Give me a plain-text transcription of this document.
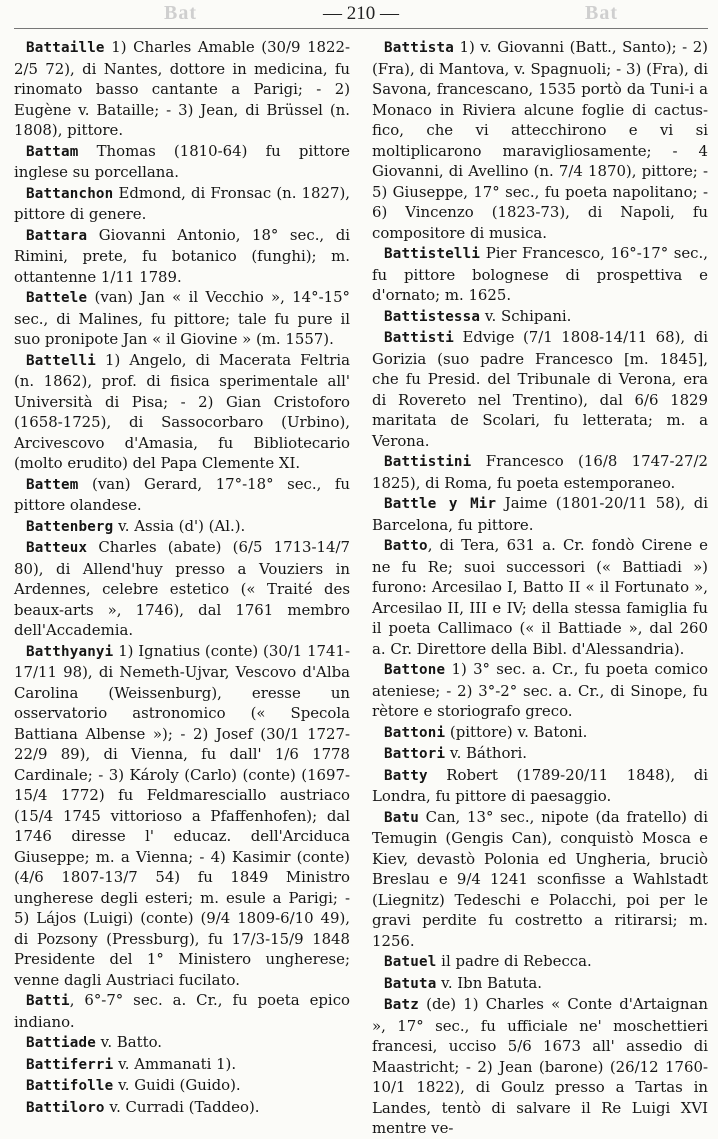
Bat	— 210 —	Bat

Battaille 1) Charles Amable (30/9 1822-2/5 72), di Nantes, dottore in medicina, fu rinomato basso cantante a Parigi; - 2) Eugène v. Bataille; - 3) Jean, di Brüssel (n. 1808), pittore.

Battam Thomas (1810-64) fu pittore inglese su porcellana.

Battanchon Edmond, di Fronsac (n. 1827), pittore di genere.

Battara Giovanni Antonio, 18° sec., di Rimini, prete, fu botanico (funghi); m. ottantenne 1/11 1789.

Battele (van) Jan « il Vecchio », 14°-15° sec., di Malines, fu pittore; tale fu pure il suo pronipote Jan « il Giovine » (m. 1557).

Battelli 1) Angelo, di Macerata Feltria (n. 1862), prof. di fisica sperimentale all' Università di Pisa; - 2) Gian Cristoforo (1658-1725), di Sassocorbaro (Urbino), Arcivescovo d'Amasia, fu Bibliotecario (molto erudito) del Papa Clemente XI.

Battem (van) Gerard, 17°-18° sec., fu pittore olandese.

Battenberg v. Assia (d') (Al.).

Batteux Charles (abate) (6/5 1713-14/7 80), di Allend'huy presso a Vouziers in Ardennes, celebre estetico (« Traité des beaux-arts », 1746), dal 1761 membro dell'Accademia.

Batthyanyi 1) Ignatius (conte) (30/1 1741-17/11 98), di Nemeth-Ujvar, Vescovo d'Alba Carolina (Weissenburg), eresse un osservatorio astronomico (« Specola Battiana Albense »); - 2) Josef (30/1 1727-22/9 89), di Vienna, fu dall' 1/6 1778 Cardinale; - 3) Károly (Carlo) (conte) (1697-15/4 1772) fu Feldmaresciallo austriaco (15/4 1745 vittorioso a Pfaffenhofen); dal 1746 diresse l' educaz. dell'Arciduca Giuseppe; m. a Vienna; - 4) Kasimir (conte) (4/6 1807-13/7 54) fu 1849 Ministro ungherese degli esteri; m. esule a Parigi; - 5) Lájos (Luigi) (conte) (9/4 1809-6/10 49), di Pozsony (Pressburg), fu 17/3-15/9 1848 Presidente del 1° Ministero ungherese; venne dagli Austriaci fucilato.

Batti, 6°-7° sec. a. Cr., fu poeta epico indiano.

Battiade v. Batto.

Battiferri v. Ammanati 1).

Battifolle v. Guidi (Guido).

Battiloro v. Curradi (Taddeo).

Battista 1) v. Giovanni (Batt., Santo); - 2) (Fra), di Mantova, v. Spagnuoli; - 3) (Fra), di Savona, francescano, 1535 portò da Tuni-i a Monaco in Riviera alcune foglie di cactus-fico, che vi attecchirono e vi si moltiplicarono maravigliosamente; - 4 Giovanni, di Avellino (n. 7/4 1870), pittore; - 5) Giuseppe, 17° sec., fu poeta napolitano; - 6) Vincenzo (1823-73), di Napoli, fu compositore di musica.

Battistelli Pier Francesco, 16°-17° sec., fu pittore bolognese di prospettiva e d'ornato; m. 1625.

Battistessa v. Schipani.

Battisti Edvige (7/1 1808-14/11 68), di Gorizia (suo padre Francesco [m. 1845], che fu Presid. del Tribunale di Verona, era di Rovereto nel Trentino), dal 6/6 1829 maritata de Scolari, fu letterata; m. a Verona.

Battistini Francesco (16/8 1747-27/2 1825), di Roma, fu poeta estemporaneo.

Battle y Mir Jaime (1801-20/11 58), di Barcelona, fu pittore.

Batto, di Tera, 631 a. Cr. fondò Cirene e ne fu Re; suoi successori (« Battiadi ») furono: Arcesilao I, Batto II « il Fortunato », Arcesilao II, III e IV; della stessa famiglia fu il poeta Callimaco (« il Battiade », dal 260 a. Cr. Direttore della Bibl. d'Alessandria).

Battone 1) 3° sec. a. Cr., fu poeta comico ateniese; - 2) 3°-2° sec. a. Cr., di Sinope, fu rètore e storiografo greco.

Battoni (pittore) v. Batoni.

Battori v. Báthori.

Batty Robert (1789-20/11 1848), di Londra, fu pittore di paesaggio.

Batu Can, 13° sec., nipote (da fratello) di Temugin (Gengis Can), conquistò Mosca e Kiev, devastò Polonia ed Ungheria, bruciò Breslau e 9/4 1241 sconfisse a Wahlstadt (Liegnitz) Tedeschi e Polacchi, poi per le gravi perdite fu costretto a ritirarsi; m. 1256.

Batuel il padre di Rebecca.

Batuta v. Ibn Batuta.

Batz (de) 1) Charles « Conte d'Artaignan », 17° sec., fu ufficiale ne' moschettieri francesi, ucciso 5/6 1673 all' assedio di Maastricht; - 2) Jean (barone) (26/12 1760-10/1 1822), di Goulz presso a Tartas in Landes, tentò di salvare il Re Luigi XVI mentre ve-
